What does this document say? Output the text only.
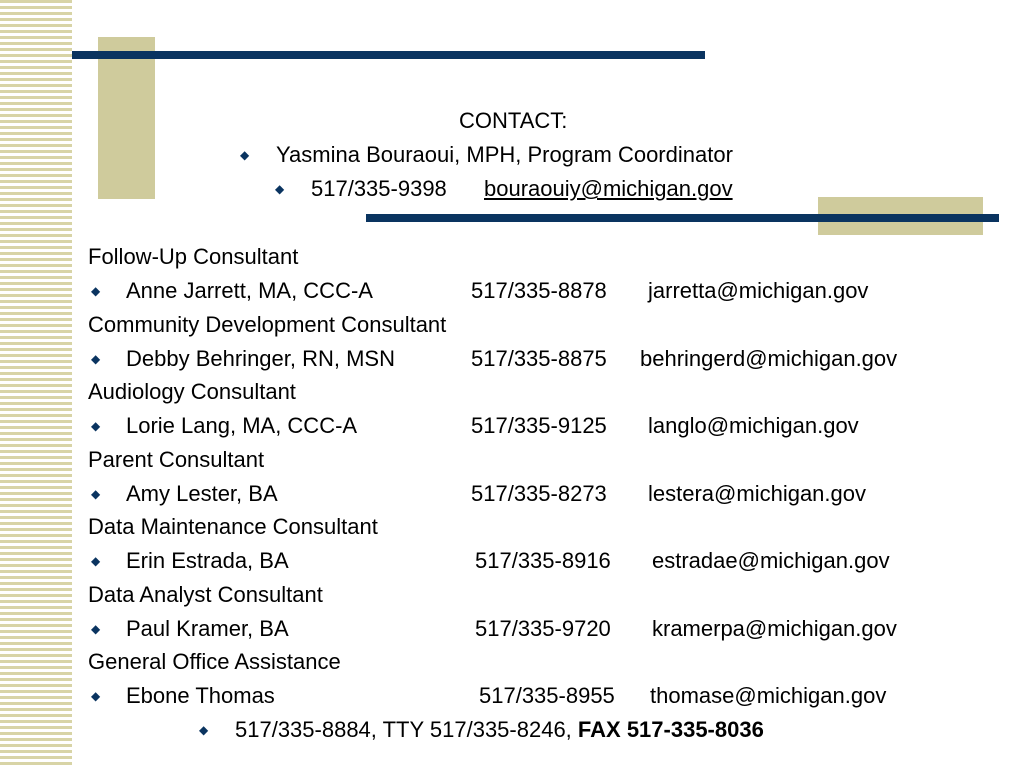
CONTACT:
◆ Yasmina Bouraoui, MPH, Program Coordinator
◆ 517/335-9398 bouraouiy@michigan.gov
Follow-Up Consultant
◆ Anne Jarrett, MA, CCC-A	517/335-8878 jarretta@michigan.gov
Community Development Consultant
◆ Debby Behringer, RN, MSN	517/335-8875 behringerd@michigan.gov
Audiology Consultant
◆ Lorie Lang, MA, CCC-A	517/335-9125 langlo@michigan.gov
Parent Consultant
◆ Amy Lester, BA	517/335-8273 lestera@michigan.gov
Data Maintenance Consultant
◆ Erin Estrada, BA	517/335-8916 estradae@michigan.gov
Data Analyst Consultant
◆ Paul Kramer, BA	517/335-9720 kramerpa@michigan.gov
General Office Assistance
◆ Ebone Thomas	517/335-8955 thomase@michigan.gov
◆ 517/335-8884, TTY 517/335-8246, FAX 517-335-8036
